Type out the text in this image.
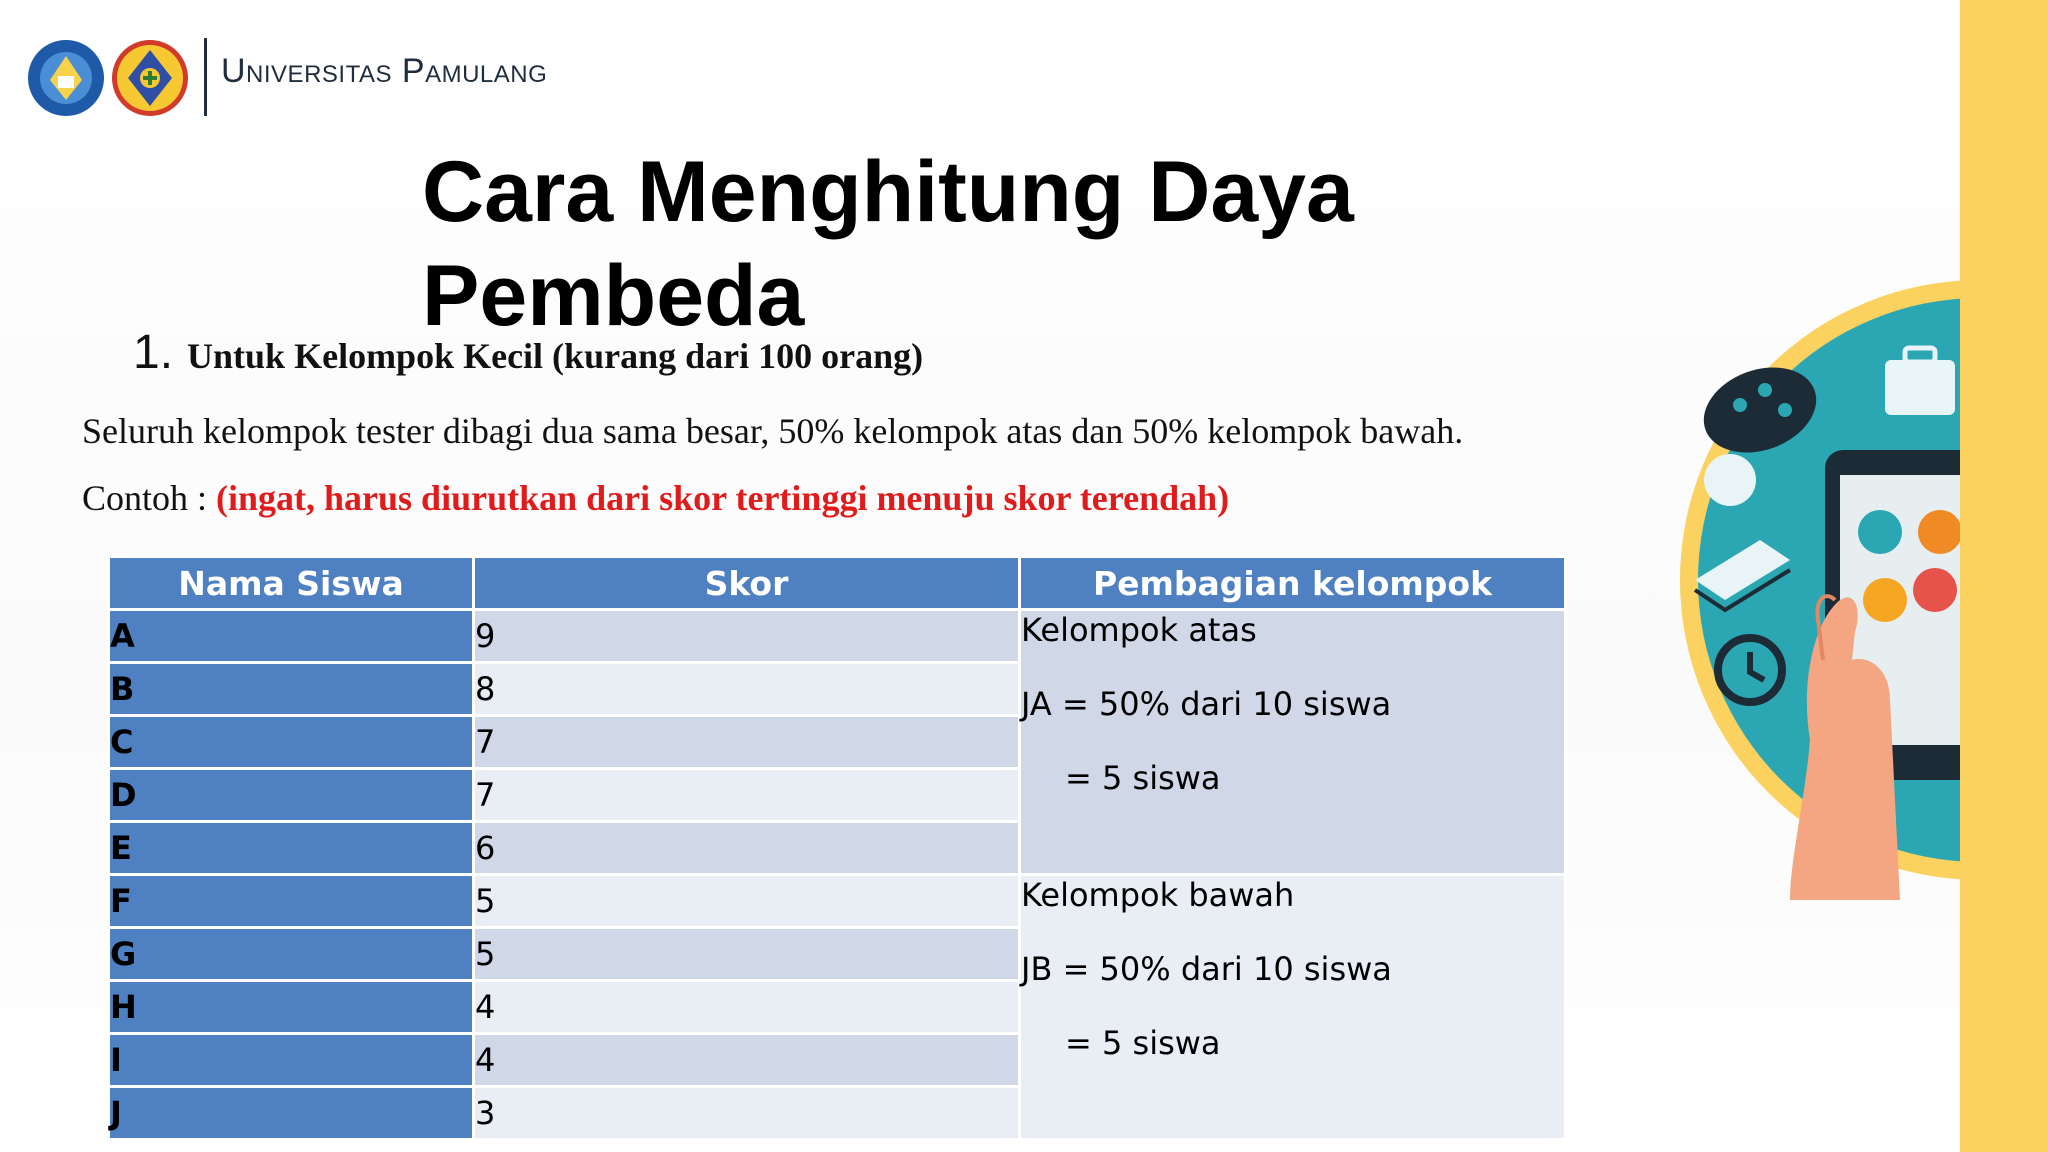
Universitas Pamulang
Cara Menghitung Daya Pembeda
1. Untuk Kelompok Kecil (kurang dari 100 orang)
Seluruh kelompok tester dibagi dua sama besar, 50% kelompok atas dan 50% kelompok bawah.
Contoh : (ingat, harus diurutkan dari skor tertinggi menuju skor terendah)
Nama Siswa	Skor	Pembagian kelompok
A	9	Kelompok atas
JA = 50% dari 10 siswa
= 5 siswa

B	8	
C	7	
D	7	
E	6	
F	5	Kelompok bawah
JB = 50% dari 10 siswa
= 5 siswa

G	5	
H	4	
I	4	
J	3	
